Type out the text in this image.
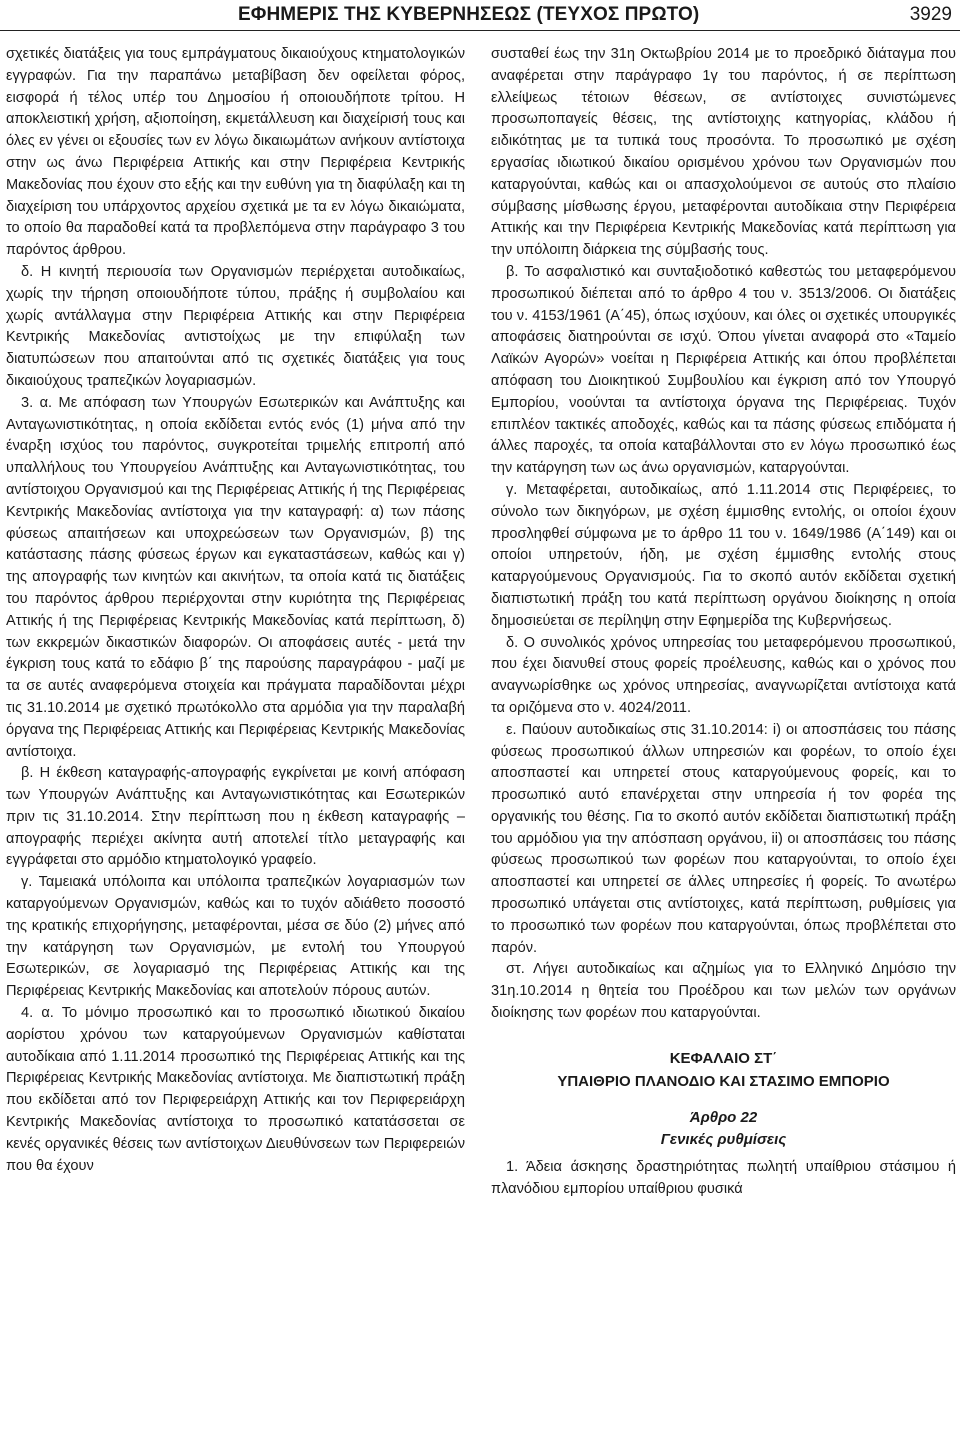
ΕΦΗΜΕΡΙΣ ΤΗΣ ΚΥΒΕΡΝΗΣΕΩΣ (ΤΕΥΧΟΣ ΠΡΩΤΟ)	3929

σχετικές διατάξεις για τους εμπράγματους δικαιούχους κτηματολογικών εγγραφών. Για την παραπάνω μεταβίβαση δεν οφείλεται φόρος, εισφορά ή τέλος υπέρ του Δημοσίου ή οποιουδήποτε τρίτου. Η αποκλειστική χρήση, αξιοποίηση, εκμετάλλευση και διαχείρισή τους και όλες εν γένει οι εξουσίες των εν λόγω δικαιωμάτων ανήκουν αντίστοιχα στην ως άνω Περιφέρεια Αττικής και στην Περιφέρεια Κεντρικής Μακεδονίας που έχουν στο εξής και την ευθύνη για τη διαφύλαξη και τη διαχείριση του υπάρχοντος αρχείου σχετικά με τα εν λόγω δικαιώματα, το οποίο θα παραδοθεί κατά τα προβλεπόμενα στην παράγραφο 3 του παρόντος άρθρου.

δ. Η κινητή περιουσία των Οργανισμών περιέρχεται αυτοδικαίως, χωρίς την τήρηση οποιουδήποτε τύπου, πράξης ή συμβολαίου και χωρίς αντάλλαγμα στην Περιφέρεια Αττικής και στην Περιφέρεια Κεντρικής Μακεδονίας αντιστοίχως με την επιφύλαξη των διατυπώσεων που απαιτούνται από τις σχετικές διατάξεις για τους δικαιούχους τραπεζικών λογαριασμών.

3. α. Με απόφαση των Υπουργών Εσωτερικών και Ανάπτυξης και Ανταγωνιστικότητας, η οποία εκδίδεται εντός ενός (1) μήνα από την έναρξη ισχύος του παρόντος, συγκροτείται τριμελής επιτροπή από υπαλλήλους του Υπουργείου Ανάπτυξης και Ανταγωνιστικότητας, του αντίστοιχου Οργανισμού και της Περιφέρειας Αττικής ή της Περιφέρειας Κεντρικής Μακεδονίας αντίστοιχα για την καταγραφή: α) των πάσης φύσεως απαιτήσεων και υποχρεώσεων των Οργανισμών, β) της κατάστασης πάσης φύσεως έργων και εγκαταστάσεων, καθώς και γ) της απογραφής των κινητών και ακινήτων, τα οποία κατά τις διατάξεις του παρόντος άρθρου περιέρχονται στην κυριότητα της Περιφέρειας Αττικής ή της Περιφέρειας Κεντρικής Μακεδονίας κατά περίπτωση, δ) των εκκρεμών δικαστικών διαφορών. Οι αποφάσεις αυτές - μετά την έγκριση τους κατά το εδάφιο β΄ της παρούσης παραγράφου - μαζί με τα σε αυτές αναφερόμενα στοιχεία και πράγματα παραδίδονται μέχρι τις 31.10.2014 με σχετικό πρωτόκολλο στα αρμόδια για την παραλαβή όργανα της Περιφέρειας Αττικής και Περιφέρειας Κεντρικής Μακεδονίας αντίστοιχα.

β. Η έκθεση καταγραφής-απογραφής εγκρίνεται με κοινή απόφαση των Υπουργών Ανάπτυξης και Ανταγωνιστικότητας και Εσωτερικών πριν τις 31.10.2014. Στην περίπτωση που η έκθεση καταγραφής – απογραφής περιέχει ακίνητα αυτή αποτελεί τίτλο μεταγραφής και εγγράφεται στο αρμόδιο κτηματολογικό γραφείο.

γ. Ταμειακά υπόλοιπα και υπόλοιπα τραπεζικών λογαριασμών των καταργούμενων Οργανισμών, καθώς και το τυχόν αδιάθετο ποσοστό της κρατικής επιχορήγησης, μεταφέρονται, μέσα σε δύο (2) μήνες από την κατάργηση των Οργανισμών, με εντολή του Υπουργού Εσωτερικών, σε λογαριασμό της Περιφέρειας Αττικής και της Περιφέρειας Κεντρικής Μακεδονίας και αποτελούν πόρους αυτών.

4. α. Το μόνιμο προσωπικό και το προσωπικό ιδιωτικού δικαίου αορίστου χρόνου των καταργούμενων Οργανισμών καθίσταται αυτοδίκαια από 1.11.2014 προσωπικό της Περιφέρειας Αττικής και της Περιφέρειας Κεντρικής Μακεδονίας αντίστοιχα. Με διαπιστωτική πράξη που εκδίδεται από τον Περιφερειάρχη Αττικής και τον Περιφερειάρχη Κεντρικής Μακεδονίας αντίστοιχα το προσωπικό κατατάσσεται σε κενές οργανικές θέσεις των αντίστοιχων Διευθύνσεων των Περιφερειών που θα έχουν

συσταθεί έως την 31η Οκτωβρίου 2014 με το προεδρικό διάταγμα που αναφέρεται στην παράγραφο 1γ του παρόντος, ή σε περίπτωση ελλείψεως τέτοιων θέσεων, σε αντίστοιχες συνιστώμενες προσωποπαγείς θέσεις, της αντίστοιχης κατηγορίας, κλάδου ή ειδικότητας με τα τυπικά τους προσόντα. Το προσωπικό με σχέση εργασίας ιδιωτικού δικαίου ορισμένου χρόνου των Οργανισμών που καταργούνται, καθώς και οι απασχολούμενοι σε αυτούς στο πλαίσιο σύμβασης μίσθωσης έργου, μεταφέρονται αυτοδίκαια στην Περιφέρεια Αττικής και την Περιφέρεια Κεντρικής Μακεδονίας κατά περίπτωση για την υπόλοιπη διάρκεια της σύμβασής τους.

β. Το ασφαλιστικό και συνταξιοδοτικό καθεστώς του μεταφερόμενου προσωπικού διέπεται από το άρθρο 4 του ν. 3513/2006. Οι διατάξεις του ν. 4153/1961 (Α΄45), όπως ισχύουν, και όλες οι σχετικές υπουργικές αποφάσεις διατηρούνται σε ισχύ. Όπου γίνεται αναφορά στο «Ταμείο Λαϊκών Αγορών» νοείται η Περιφέρεια Αττικής και όπου προβλέπεται απόφαση του Διοικητικού Συμβουλίου και έγκριση από τον Υπουργό Εμπορίου, νοούνται τα αντίστοιχα όργανα της Περιφέρειας. Τυχόν επιπλέον τακτικές αποδοχές, καθώς και τα πάσης φύσεως επιδόματα ή άλλες παροχές, τα οποία καταβάλλονται στο εν λόγω προσωπικό έως την κατάργηση των ως άνω οργανισμών, καταργούνται.

γ. Μεταφέρεται, αυτοδικαίως, από 1.11.2014 στις Περιφέρειες, το σύνολο των δικηγόρων, με σχέση έμμισθης εντολής, οι οποίοι έχουν προσληφθεί σύμφωνα με το άρθρο 11 του ν. 1649/1986 (Α΄149) και οι οποίοι υπηρετούν, ήδη, με σχέση έμμισθης εντολής στους καταργούμενους Οργανισμούς. Για το σκοπό αυτόν εκδίδεται σχετική διαπιστωτική πράξη του κατά περίπτωση οργάνου διοίκησης η οποία δημοσιεύεται σε περίληψη στην Εφημερίδα της Κυβερνήσεως.

δ. Ο συνολικός χρόνος υπηρεσίας του μεταφερόμενου προσωπικού, που έχει διανυθεί στους φορείς προέλευσης, καθώς και ο χρόνος που αναγνωρίσθηκε ως χρόνος υπηρεσίας, αναγνωρίζεται αντίστοιχα κατά τα οριζόμενα στο ν. 4024/2011.

ε. Παύουν αυτοδικαίως στις 31.10.2014: i) οι αποσπάσεις του πάσης φύσεως προσωπικού άλλων υπηρεσιών και φορέων, το οποίο έχει αποσπαστεί και υπηρετεί στους καταργούμενους φορείς, και το προσωπικό αυτό επανέρχεται στην υπηρεσία ή τον φορέα της οργανικής του θέσης. Για το σκοπό αυτόν εκδίδεται διαπιστωτική πράξη του αρμόδιου για την απόσπαση οργάνου, ii) οι αποσπάσεις του πάσης φύσεως προσωπικού των φορέων που καταργούνται, το οποίο έχει αποσπαστεί και υπηρετεί σε άλλες υπηρεσίες ή φορείς. Το ανωτέρω προσωπικό υπάγεται στις αντίστοιχες, κατά περίπτωση, ρυθμίσεις για το προσωπικό των φορέων που καταργούνται, όπως προβλέπεται στο παρόν.

στ. Λήγει αυτοδικαίως και αζημίως για το Ελληνικό Δημόσιο την 31η.10.2014 η θητεία του Προέδρου και των μελών των οργάνων διοίκησης των φορέων που καταργούνται.

ΚΕΦΑΛΑΙΟ ΣΤ΄
ΥΠΑΙΘΡΙΟ ΠΛΑΝΟΔΙΟ ΚΑΙ ΣΤΑΣΙΜΟ ΕΜΠΟΡΙΟ
Άρθρο 22
Γενικές ρυθμίσεις

1. Άδεια άσκησης δραστηριότητας πωλητή υπαίθριου στάσιμου ή πλανόδιου εμπορίου υπαίθριου φυσικά
